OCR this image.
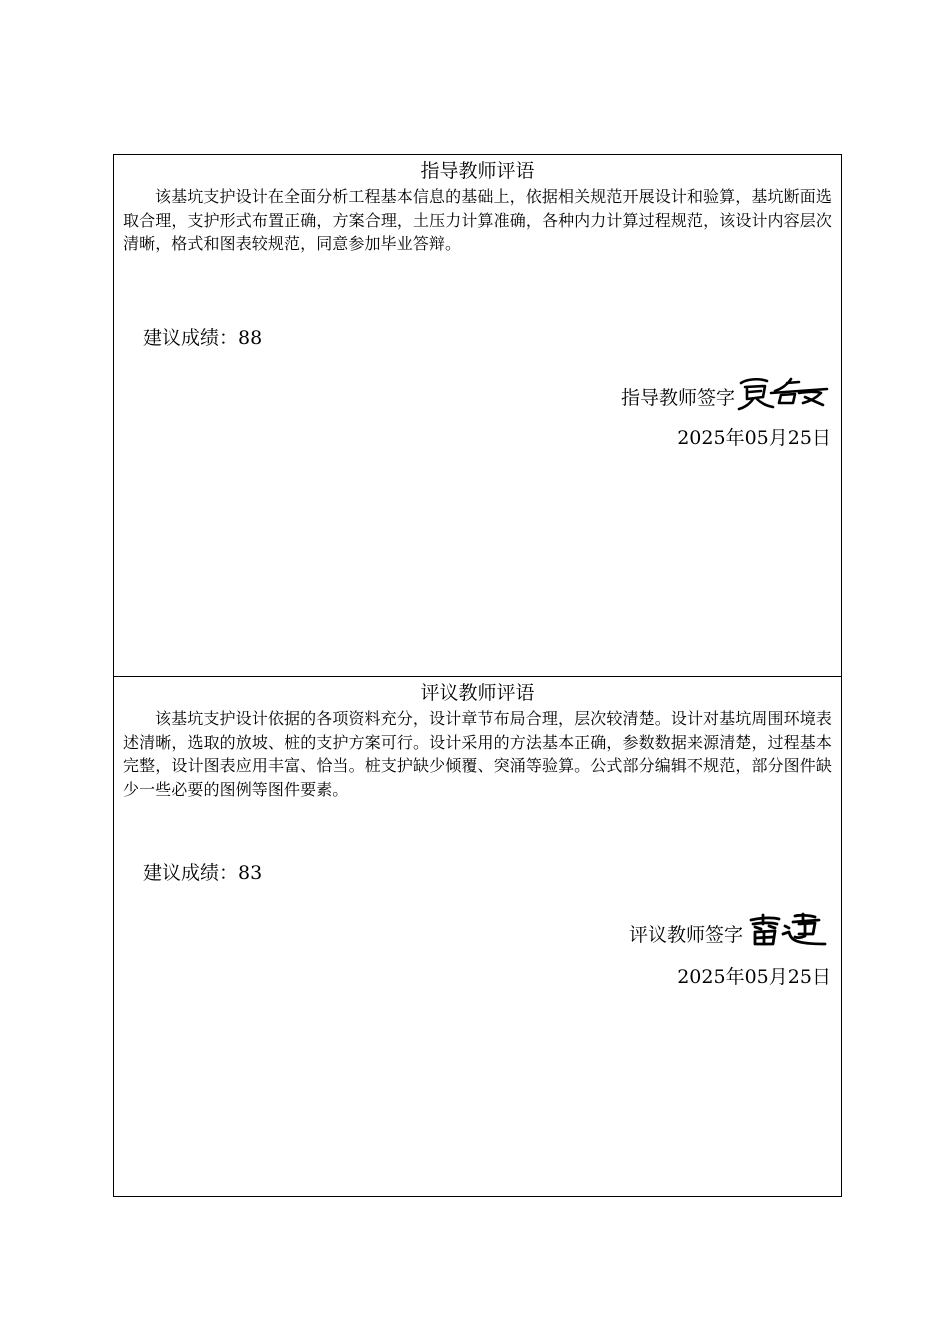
指导教师评语
该基坑支护设计在全面分析工程基本信息的基础上，依据相关规范开展设计和验算，基坑断面选取合理，支护形式布置正确，方案合理，土压力计算准确，各种内力计算过程规范，该设计内容层次清晰，格式和图表较规范，同意参加毕业答辩。
建议成绩：88
指导教师签字
2025年05月25日
评议教师评语
该基坑支护设计依据的各项资料充分，设计章节布局合理，层次较清楚。设计对基坑周围环境表述清晰，选取的放坡、桩的支护方案可行。设计采用的方法基本正确，参数数据来源清楚，过程基本完整，设计图表应用丰富、恰当。桩支护缺少倾覆、突涌等验算。公式部分编辑不规范，部分图件缺少一些必要的图例等图件要素。
建议成绩：83
评议教师签字
2025年05月25日
